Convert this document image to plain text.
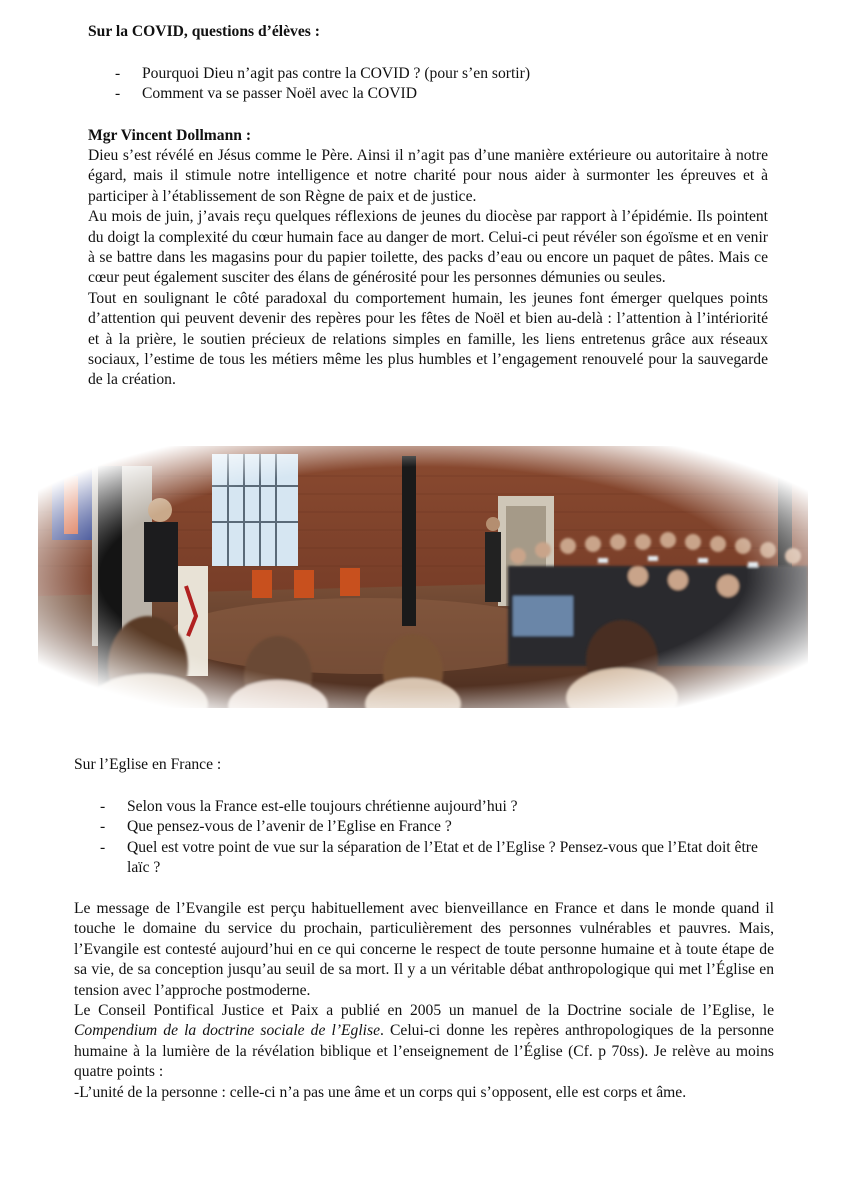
Sur la COVID, questions d’élèves :
- Pourquoi Dieu n’agit pas contre la COVID ? (pour s’en sortir)
- Comment va se passer Noël avec la COVID
Mgr Vincent Dollmann :
Dieu s’est révélé en Jésus comme le Père. Ainsi il n’agit pas d’une manière extérieure ou autoritaire à notre égard, mais il stimule notre intelligence et notre charité pour nous aider à surmonter les épreuves et à participer à l’établissement de son Règne de paix et de justice.
Au mois de juin, j’avais reçu quelques réflexions de jeunes du diocèse par rapport à l’épidémie. Ils pointent du doigt la complexité du cœur humain face au danger de mort. Celui-ci peut révéler son égoïsme et en venir à se battre dans les magasins pour du papier toilette, des packs d’eau ou encore un paquet de pâtes. Mais ce cœur peut également susciter des élans de générosité pour les personnes démunies ou seules.
Tout en soulignant le côté paradoxal du comportement humain, les jeunes font émerger quelques points d’attention qui peuvent devenir des repères pour les fêtes de Noël et bien au-delà : l’attention à l’intériorité et à la prière, le soutien précieux de relations simples en famille, les liens entretenus grâce aux réseaux sociaux, l’estime de tous les métiers même les plus humbles et l’engagement renouvelé pour la sauvegarde de la création.
Sur l’Eglise en France :
- Selon vous la France est-elle toujours chrétienne aujourd’hui ?
- Que pensez-vous de l’avenir de l’Eglise en France ?
- Quel est votre point de vue sur la séparation de l’Etat et de l’Eglise ? Pensez-vous que l’Etat doit être laïc ?
Le message de l’Evangile est perçu habituellement avec bienveillance en France et dans le monde quand il touche le domaine du service du prochain, particulièrement des personnes vulnérables et pauvres. Mais, l’Evangile est contesté aujourd’hui en ce qui concerne le respect de toute personne humaine et à toute étape de sa vie, de sa conception jusqu’au seuil de sa mort. Il y a un véritable débat anthropologique qui met l’Église en tension avec l’approche postmoderne.
Le Conseil Pontifical Justice et Paix a publié en 2005 un manuel de la Doctrine sociale de l’Eglise, le Compendium de la doctrine sociale de l’Eglise. Celui-ci donne les repères anthropologiques de la personne humaine à la lumière de la révélation biblique et l’enseignement de l’Église (Cf. p 70ss). Je relève au moins quatre points :
-L’unité de la personne : celle-ci n’a pas une âme et un corps qui s’opposent, elle est corps et âme.
